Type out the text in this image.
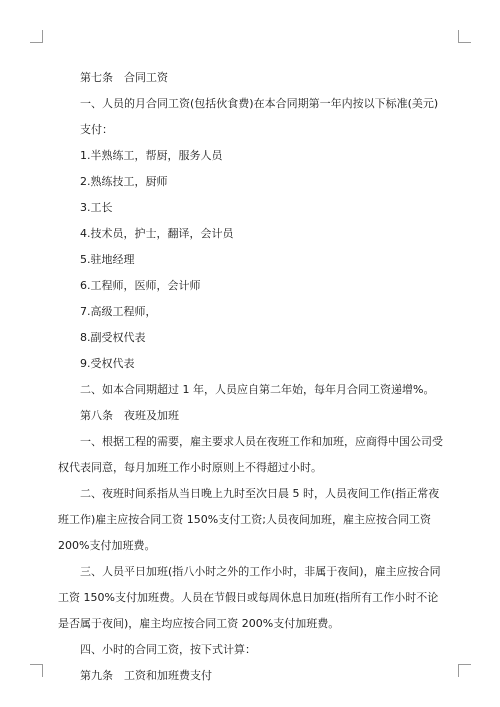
第七条　合同工资

一、人员的月合同工资(包括伙食费)在本合同期第一年内按以下标准(美元)支付：

1.半熟练工，帮厨，服务人员

2.熟练技工，厨师

3.工长

4.技术员，护士，翻译，会计员

5.驻地经理

6.工程师，医师，会计师

7.高级工程师，

8.副受权代表

9.受权代表

二、如本合同期超过 1 年，人员应自第二年始，每年月合同工资递增%。

第八条　夜班及加班

一、根据工程的需要，雇主要求人员在夜班工作和加班，应商得中国公司受权代表同意，每月加班工作小时原则上不得超过小时。

二、夜班时间系指从当日晚上九时至次日晨 5 时，人员夜间工作(指正常夜班工作)雇主应按合同工资 150%支付工资;人员夜间加班，雇主应按合同工资 200%支付加班费。

三、人员平日加班(指八小时之外的工作小时，非属于夜间)，雇主应按合同工资 150%支付加班费。人员在节假日或每周休息日加班(指所有工作小时不论是否属于夜间)，雇主均应按合同工资 200%支付加班费。

四、小时的合同工资，按下式计算：

第九条　工资和加班费支付
